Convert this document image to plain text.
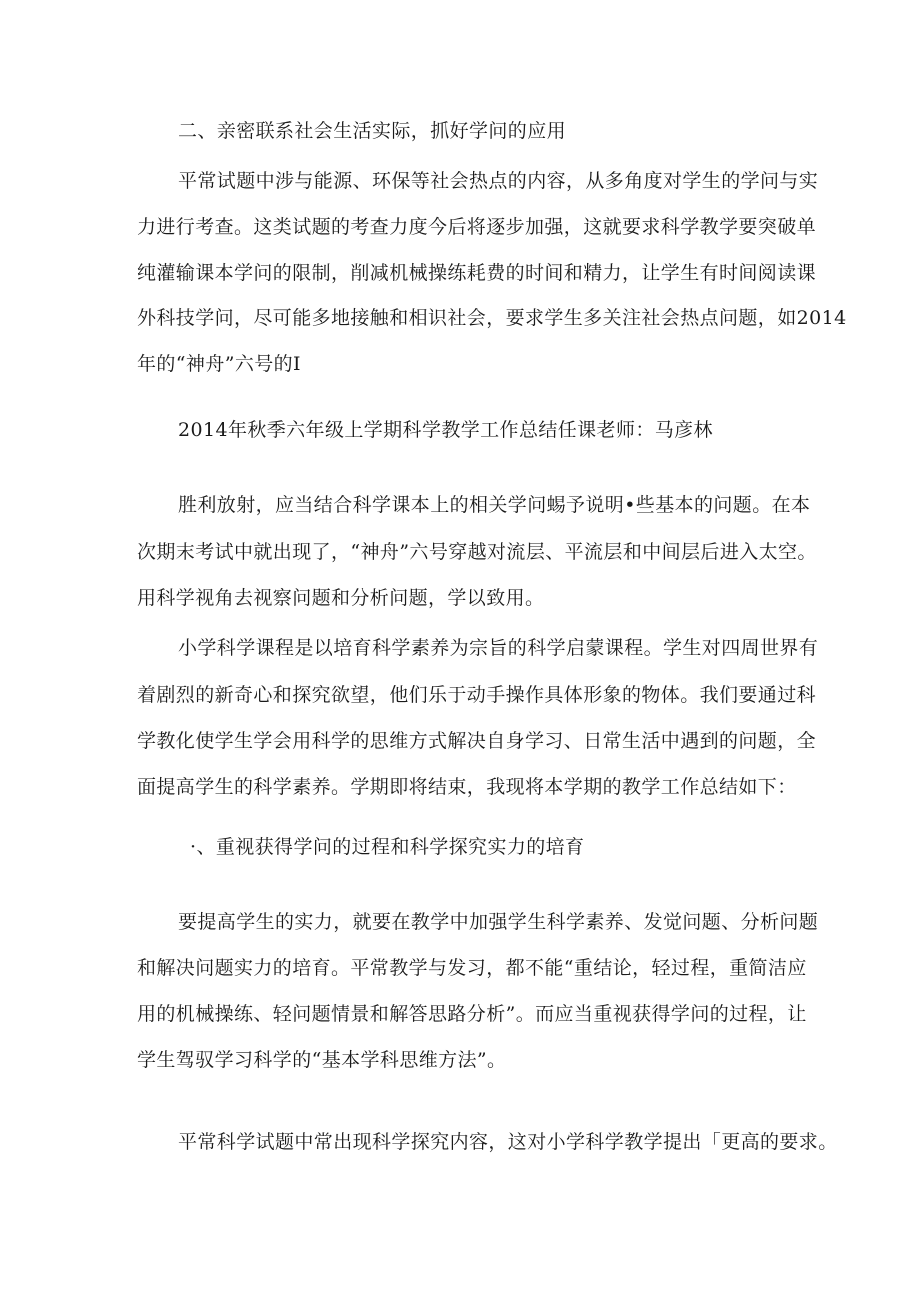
二、亲密联系社会生活实际，抓好学问的应用
平常试题中涉与能源、环保等社会热点的内容，从多角度对学生的学问与实
力进行考查。这类试题的考查力度今后将逐步加强，这就要求科学教学要突破单
纯灌输课本学问的限制，削减机械操练耗费的时间和精力，让学生有时间阅读课
外科技学问，尽可能多地接触和相识社会，要求学生多关注社会热点问题，如2014
年的“神舟”六号的I
2014年秋季六年级上学期科学教学工作总结任课老师：马彦林
胜利放射，应当结合科学课本上的相关学问蜴予说明•些基本的问题。在本
次期末考试中就出现了，“神舟”六号穿越对流层、平流层和中间层后进入太空。
用科学视角去视察问题和分析问题，学以致用。
小学科学课程是以培育科学素养为宗旨的科学启蒙课程。学生对四周世界有
着剧烈的新奇心和探究欲望，他们乐于动手操作具体形象的物体。我们要通过科
学教化使学生学会用科学的思维方式解决自身学习、日常生活中遇到的问题，全
面提高学生的科学素养。学期即将结束，我现将本学期的教学工作总结如下：
·、重视获得学问的过程和科学探究实力的培育
要提高学生的实力，就要在教学中加强学生科学素养、发觉问题、分析问题
和解决问题实力的培育。平常教学与发习，都不能“重结论，轻过程，重简洁应
用的机械操练、轻问题情景和解答思路分析”。而应当重视获得学问的过程，让
学生驾驭学习科学的“基本学科思维方法”。
平常科学试题中常出现科学探究内容，这对小学科学教学提出「更高的要求。
